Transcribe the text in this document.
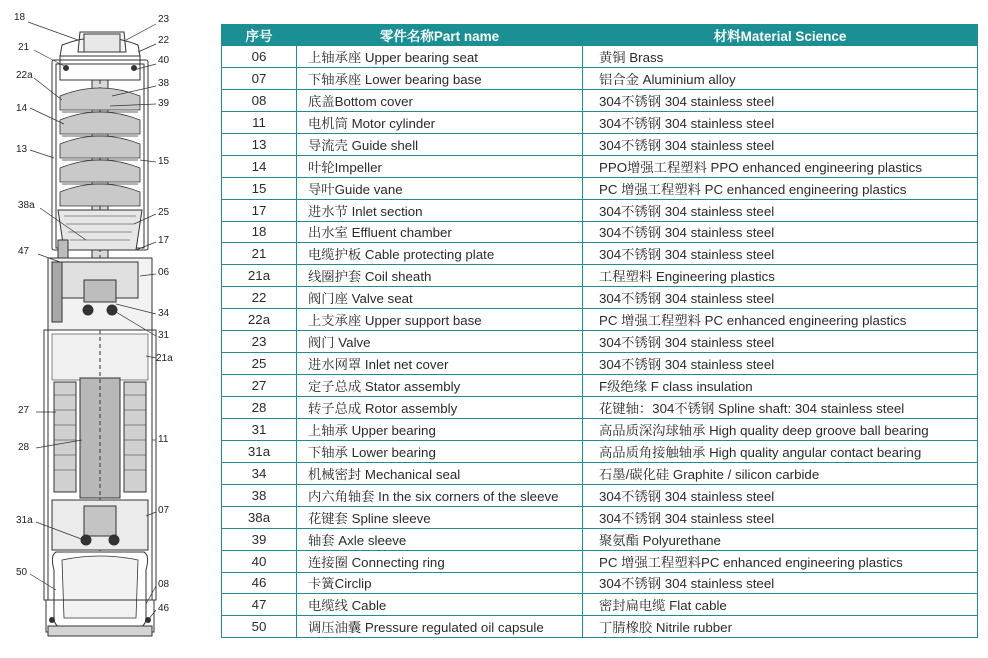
18	23
22
21
40
22a
38
39
14
13
15
38a
25
17
47
06
34
31
21a
27
28
11
31a
07
50
08
46
序号	零件名称Part name	材料Material Science
06	上轴承座 Upper bearing seat	黄铜 Brass
07	下轴承座 Lower bearing base	铝合金 Aluminium alloy
08	底盖Bottom cover	304不锈钢 304 stainless steel
11	电机筒 Motor cylinder	304不锈钢 304 stainless steel
13	导流壳 Guide shell	304不锈钢 304 stainless steel
14	叶轮Impeller	PPO增强工程塑料 PPO enhanced engineering plastics
15	导叶Guide vane	PC 增强工程塑料 PC enhanced engineering plastics
17	进水节 Inlet section	304不锈钢 304 stainless steel
18	出水室 Effluent chamber	304不锈钢 304 stainless steel
21	电缆护板 Cable protecting plate	304不锈钢 304 stainless steel
21a	线圈护套 Coil sheath	工程塑料 Engineering plastics
22	阀门座 Valve seat	304不锈钢 304 stainless steel
22a	上支承座 Upper support base	PC 增强工程塑料 PC enhanced engineering plastics
23	阀门 Valve	304不锈钢 304 stainless steel
25	进水网罩 Inlet net cover	304不锈钢 304 stainless steel
27	定子总成 Stator assembly	F级绝缘 F class insulation
28	转子总成 Rotor assembly	花键轴：304不锈钢 Spline shaft: 304 stainless steel
31	上轴承 Upper bearing	高品质深沟球轴承 High quality deep groove ball bearing
31a	下轴承 Lower bearing	高品质角接触轴承 High quality angular contact bearing
34	机械密封 Mechanical seal	石墨/碳化硅 Graphite / silicon carbide
38	内六角轴套 In the six corners of the sleeve	304不锈钢 304 stainless steel
38a	花键套 Spline sleeve	304不锈钢 304 stainless steel
39	轴套 Axle sleeve	聚氨酯 Polyurethane
40	连接圈 Connecting ring	PC 增强工程塑料PC enhanced engineering plastics
46	卡簧Circlip	304不锈钢 304 stainless steel
47	电缆线 Cable	密封扁电缆 Flat cable
50	调压油囊 Pressure regulated oil capsule	丁腈橡胶 Nitrile rubber
